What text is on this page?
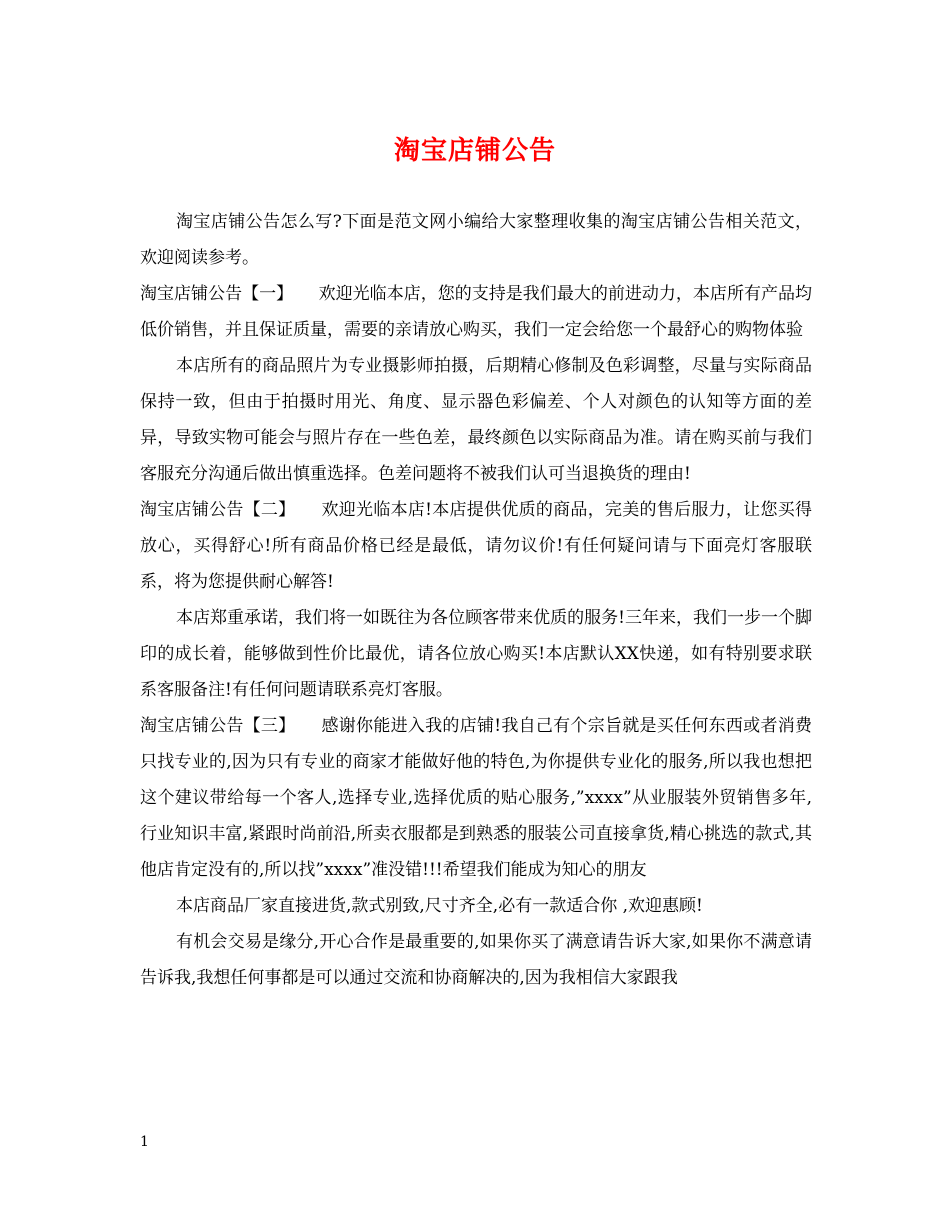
淘宝店铺公告

淘宝店铺公告怎么写?下面是范文网小编给大家整理收集的淘宝店铺公告相关范文，欢迎阅读参考。

淘宝店铺公告【一】　　欢迎光临本店，您的支持是我们最大的前进动力，本店所有产品均低价销售，并且保证质量，需要的亲请放心购买，我们一定会给您一个最舒心的购物体验

本店所有的商品照片为专业摄影师拍摄，后期精心修制及色彩调整，尽量与实际商品保持一致，但由于拍摄时用光、角度、显示器色彩偏差、个人对颜色的认知等方面的差异，导致实物可能会与照片存在一些色差，最终颜色以实际商品为准。请在购买前与我们客服充分沟通后做出慎重选择。色差问题将不被我们认可当退换货的理由!

淘宝店铺公告【二】　　欢迎光临本店!本店提供优质的商品，完美的售后服力，让您买得放心，买得舒心!所有商品价格已经是最低，请勿议价!有任何疑问请与下面亮灯客服联系，将为您提供耐心解答!

本店郑重承诺，我们将一如既往为各位顾客带来优质的服务!三年来，我们一步一个脚印的成长着，能够做到性价比最优，请各位放心购买!本店默认XX快递，如有特别要求联系客服备注!有任何问题请联系亮灯客服。

淘宝店铺公告【三】　　感谢你能进入我的店铺!我自己有个宗旨就是买任何东西或者消费只找专业的,因为只有专业的商家才能做好他的特色,为你提供专业化的服务,所以我也想把这个建议带给每一个客人,选择专业,选择优质的贴心服务,”xxxx”从业服装外贸销售多年,行业知识丰富,紧跟时尚前沿,所卖衣服都是到熟悉的服装公司直接拿货,精心挑选的款式,其他店肯定没有的,所以找”xxxx”准没错!!!希望我们能成为知心的朋友

本店商品厂家直接进货,款式别致,尺寸齐全,必有一款适合你 ,欢迎惠顾!

有机会交易是缘分,开心合作是最重要的,如果你买了满意请告诉大家,如果你不满意请告诉我,我想任何事都是可以通过交流和协商解决的,因为我相信大家跟我

1
